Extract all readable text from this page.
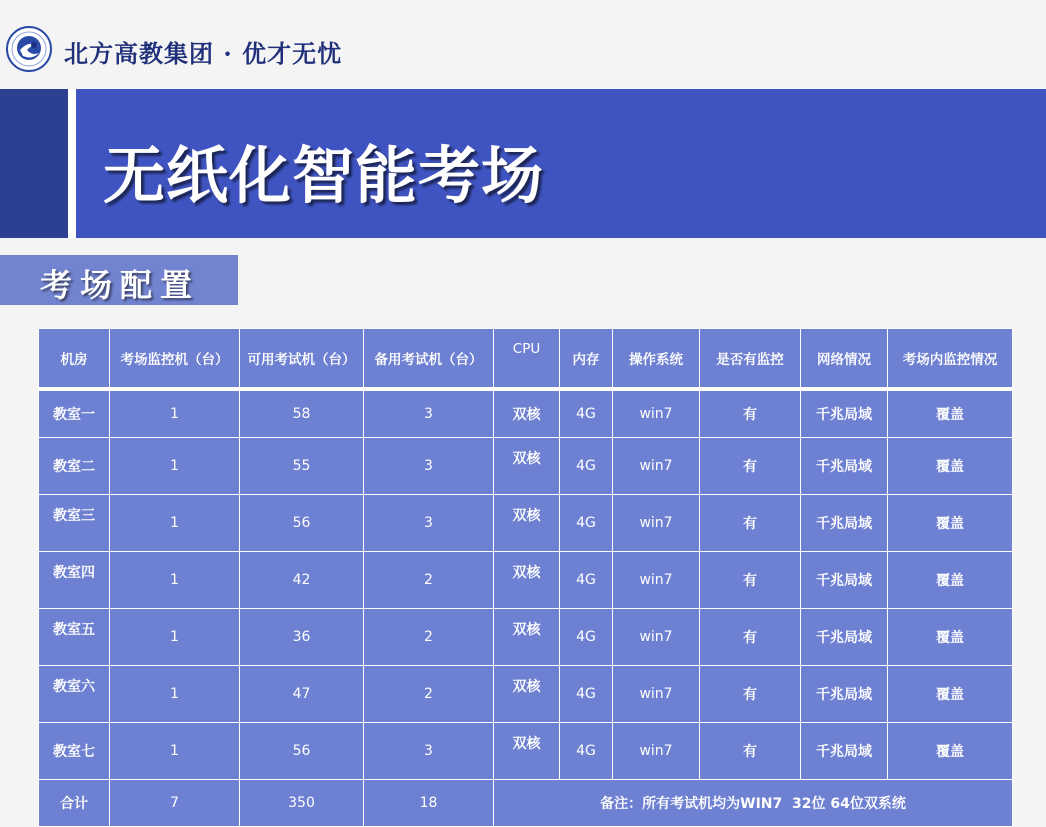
北方高教集团 · 优才无忧
无纸化智能考场
考场配置
机房	考场监控机（台）	可用考试机（台）	备用考试机（台）	CPU	内存	操作系统	是否有监控	网络情况	考场内监控情况
教室一	1	58	3	双核	4G	win7	有	千兆局域	覆盖
教室二	1	55	3	双核	4G	win7	有	千兆局域	覆盖
教室三	1	56	3	双核	4G	win7	有	千兆局域	覆盖
教室四	1	42	2	双核	4G	win7	有	千兆局域	覆盖
教室五	1	36	2	双核	4G	win7	有	千兆局域	覆盖
教室六	1	47	2	双核	4G	win7	有	千兆局域	覆盖
教室七	1	56	3	双核	4G	win7	有	千兆局域	覆盖
合计	7	350	18	备注：所有考试机均为WIN7  32位 64位双系统					
